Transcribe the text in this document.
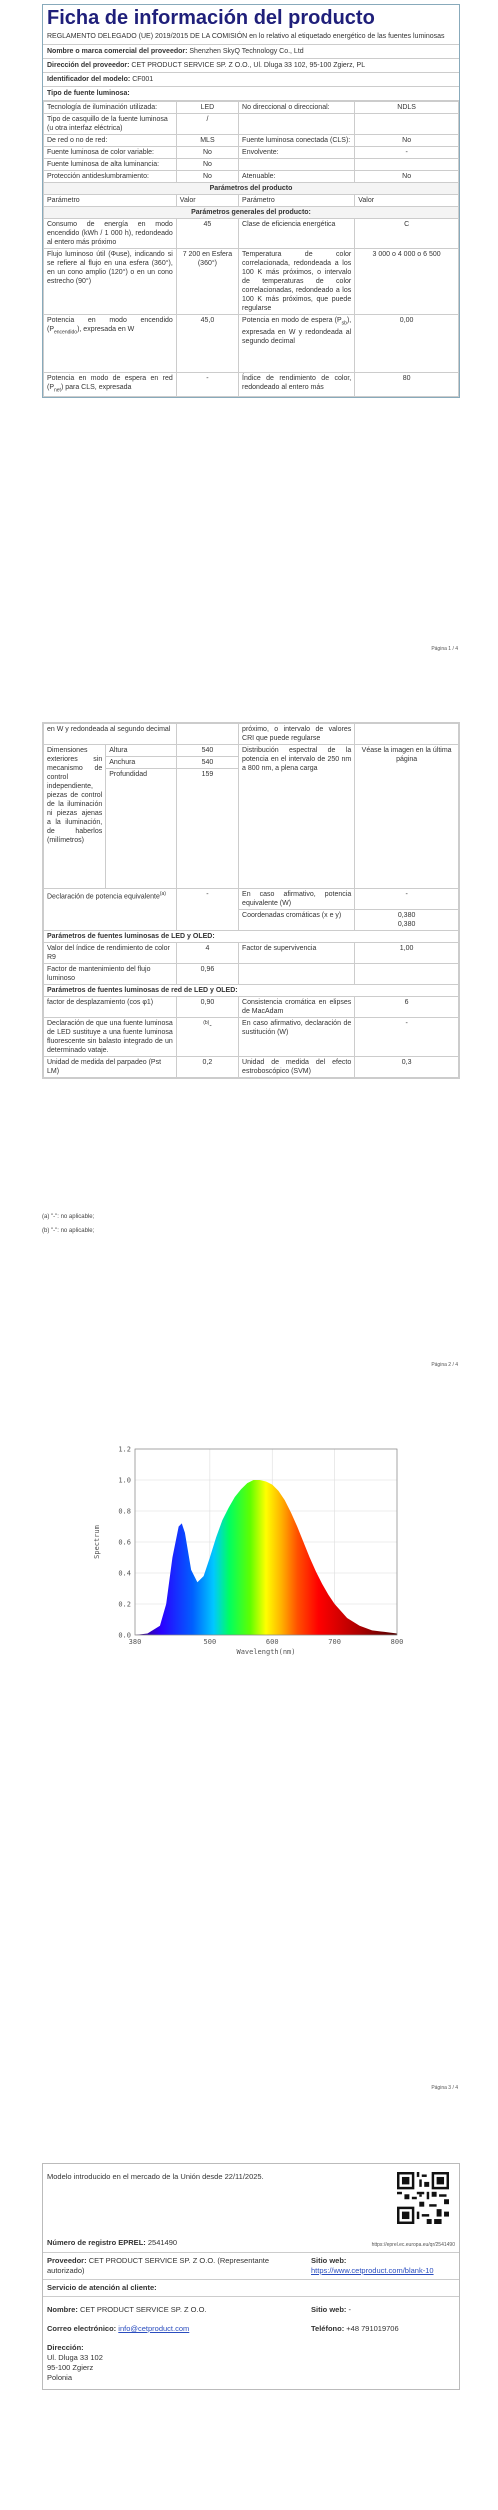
Ficha de información del producto
REGLAMENTO DELEGADO (UE) 2019/2015 DE LA COMISIÓN en lo relativo al etiquetado energético de las fuentes luminosas
Nombre o marca comercial del proveedor: Shenzhen SkyQ Technology Co., Ltd
Dirección del proveedor: CET PRODUCT SERVICE SP. Z O.O., Ul. Dluga 33 102, 95-100 Zgierz, PL
Identificador del modelo: CF001
Tipo de fuente luminosa:
Tecnología de iluminación utilizada:	LED	No direccional o direccional:	NDLS
Tipo de casquillo de la fuente luminosa (u otra interfaz eléctrica)	/		
De red o no de red:	MLS	Fuente luminosa conectada (CLS):	No
Fuente luminosa de color variable:	No	Envolvente:	-
Fuente luminosa de alta luminancia:	No		
Protección antideslumbramiento:	No	Atenuable:	No
Parámetros del producto			
Parámetro	Valor	Parámetro	Valor
Parámetros generales del producto:			
Consumo de energía en modo encendido (kWh / 1 000 h), redondeado al entero más próximo	45	Clase de eficiencia energética	C
Flujo luminoso útil (Φuse), indicando si se refiere al flujo en una esfera (360°), en un cono amplio (120°) o en un cono estrecho (90°)	7 200 en Esfera (360°)	Temperatura de color correlacionada, redondeada a los 100 K más próximos, o intervalo de temperaturas de color correlacionadas, redondeado a los 100 K más próximos, que puede regularse	3 000 o 4 000 o 6 500
Potencia en modo encendido $(P_{encendido})$, expresada en W	45,0	Potencia en modo de espera $(P_{sb})$, expresada en W y redondeada al segundo decimal	0,00
Potencia en modo de espera en red $(P_{net})$ para CLS, expresada	-	Índice de rendimiento de color, redondeado al entero más	80
Página 1 / 4
en W y redondeada al segundo decimal			próximo, o intervalo de valores CRI que puede regularse	
Dimensiones exteriores sin mecanismo de control independiente, piezas de control de la iluminación ni piezas ajenas a la iluminación, de haberlos (milímetros)	Altura	540	Distribución espectral de la potencia en el intervalo de 250 nm a 800 nm, a plena carga	Véase la imagen en la última página
	Anchura	540		
	Profundidad	159		
Declaración de potencia equivalente$^{(a)}$		-	En caso afirmativo, potencia equivalente (W)	-
			Coordenadas cromáticas (x e y)	0,380
0,380

Parámetros de fuentes luminosas de LED y OLED:				
Valor del índice de rendimiento de color R9		4	Factor de supervivencia	1,00
Factor de mantenimiento del flujo luminoso		0,96		
Parámetros de fuentes luminosas de red de LED y OLED:				
factor de desplazamiento (cos φ1)		0,90	Consistencia cromática en elipses de MacAdam	6
Declaración de que una fuente luminosa de LED sustituye a una fuente luminosa fluorescente sin balasto integrado de un determinado vataje.		$^{(b)}$-	En caso afirmativo, declaración de sustitución (W)	-
Unidad de medida del parpadeo (Pst LM)		0,2	Unidad de medida del efecto estroboscópico (SVM)	0,3
(a) "-": no aplicable;
(b) "-": no aplicable;
Página 2 / 4
Página 3 / 4
380	500	600	700	800
0.0
0.2
0.4
0.6
0.8
1.0
1.2
Wavelength(nm)
Spectrum
Modelo introducido en el mercado de la Unión desde 22/11/2025.
Número de registro EPREL: 2541490	https://eprel.ec.europa.eu/qr/2541490
Proveedor: CET PRODUCT SERVICE SP. Z O.O. (Representante autorizado)
Sitio web: https://www.cetproduct.com/blank-10
Servicio de atención al cliente:
Nombre: CET PRODUCT SERVICE SP. Z O.O.	Sitio web: -
Correo electrónico: info@cetproduct.com	Teléfono: +48 791019706
Dirección:
Ul. Dluga 33 102
95-100 Zgierz
Polonia
